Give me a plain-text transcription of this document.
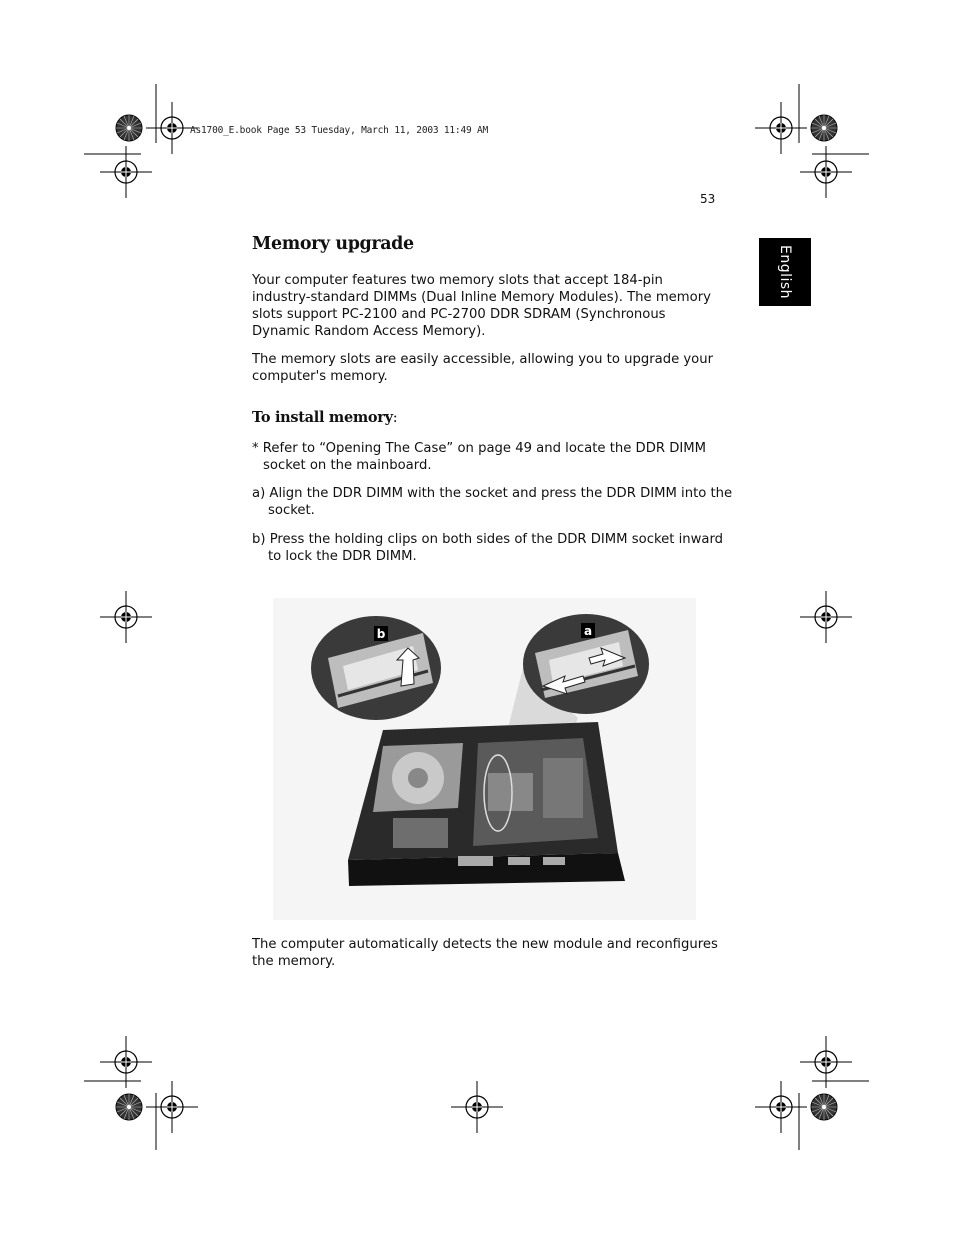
As1700_E.book Page 53 Tuesday, March 11, 2003 11:49 AM
53
English
Memory upgrade

Your computer features two memory slots that accept 184-pin industry-standard DIMMs (Dual Inline Memory Modules). The memory slots support PC-2100 and PC-2700 DDR SDRAM (Synchronous Dynamic Random Access Memory).

The memory slots are easily accessible, allowing you to upgrade your computer's memory.

To install memory:

* Refer to “Opening The Case” on page 49 and locate the DDR DIMM socket on the mainboard.

a) Align the DDR DIMM with the socket and press the DDR DIMM into the socket.

b) Press the holding clips on both sides of the DDR DIMM socket inward to lock the DDR DIMM.

b	a

The computer automatically detects the new module and reconfigures the memory.
